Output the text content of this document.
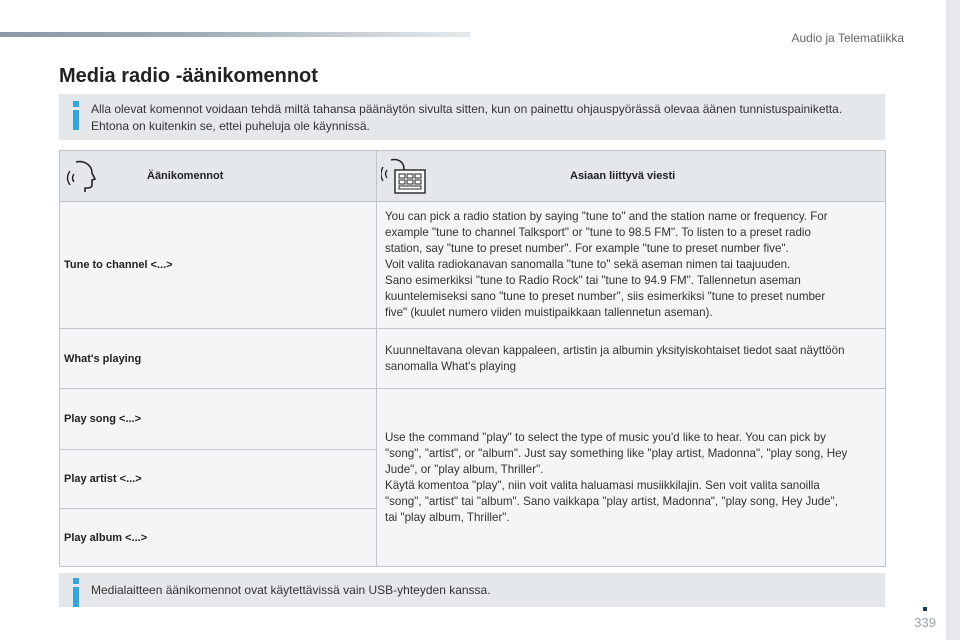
Audio ja Telematiikka
Media radio -äänikomennot
Alla olevat komennot voidaan tehdä miltä tahansa päänäytön sivulta sitten, kun on painettu ohjauspyörässä olevaa äänen tunnistuspainiketta.
Ehtona on kuitenkin se, ettei puheluja ole käynnissä.
Äänikomennot	Asiaan liittyvä viesti
Tune to channel <...>

You can pick a radio station by saying "tune to" and the station name or frequency. For

example "tune to channel Talksport" or "tune to 98.5 FM". To listen to a preset radio

station, say "tune to preset number". For example "tune to preset number five".

Voit valita radiokanavan sanomalla "tune to" sekä aseman nimen tai taajuuden.

Sano esimerkiksi "tune to Radio Rock" tai "tune to 94.9 FM". Tallennetun aseman

kuuntelemiseksi sano "tune to preset number", siis esimerkiksi "tune to preset number

five" (kuulet numero viiden muistipaikkaan tallennetun aseman).

What's playing

Kuunneltavana olevan kappaleen, artistin ja albumin yksityiskohtaiset tiedot saat näyttöön

sanomalla What's playing

Play song <...>
Play artist <...>
Play album <...>

Use the command "play" to select the type of music you'd like to hear. You can pick by

"song", "artist", or "album". Just say something like "play artist, Madonna", "play song, Hey

Jude", or "play album, Thriller".

Käytä komentoa "play", niin voit valita haluamasi musiikkilajin. Sen voit valita sanoilla

"song", "artist" tai "album". Sano vaikkapa "play artist, Madonna", "play song, Hey Jude",

tai "play album, Thriller".

Medialaitteen äänikomennot ovat käytettävissä vain USB-yhteyden kanssa.
339
